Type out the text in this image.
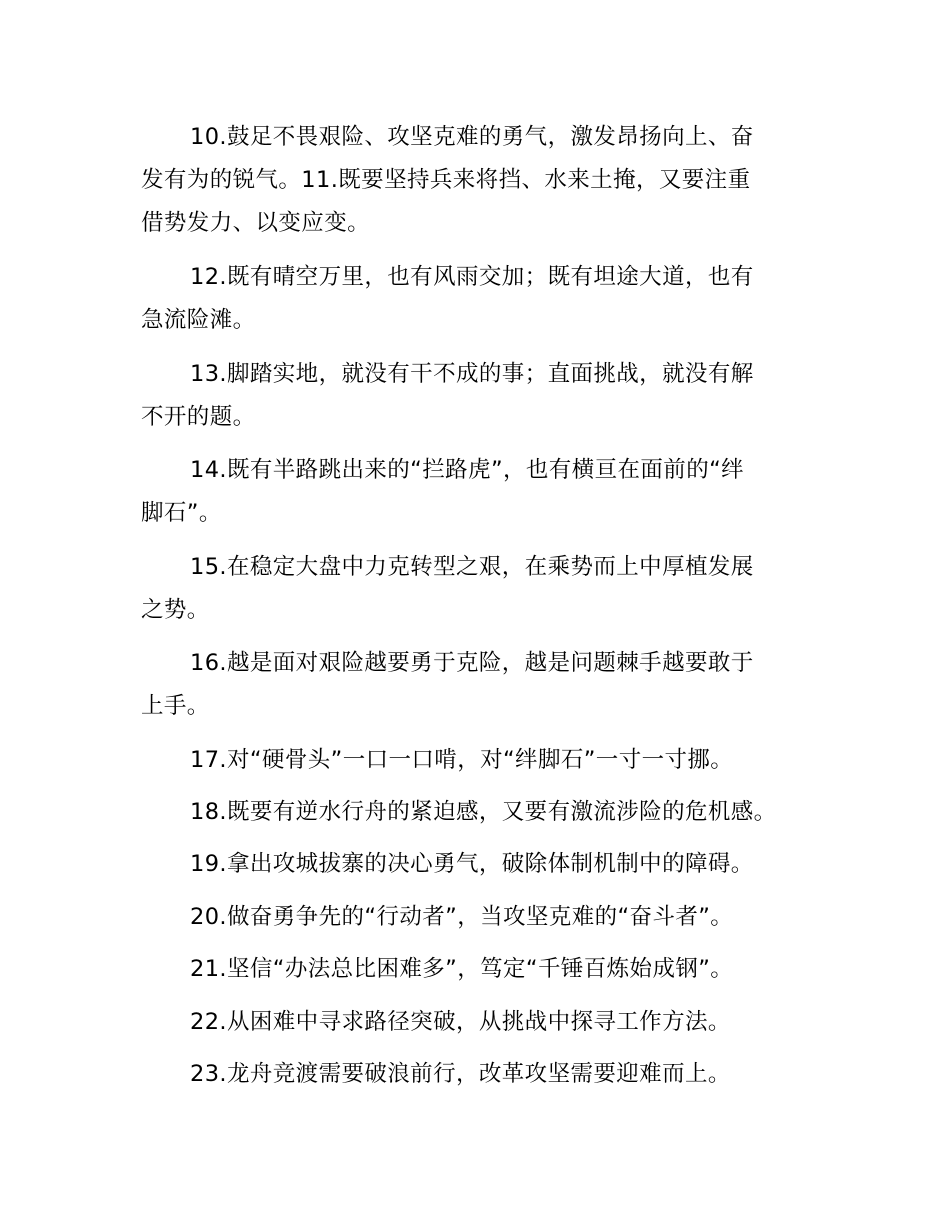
10.鼓足不畏艰险、攻坚克难的勇气，激发昂扬向上、奋
发有为的锐气。11.既要坚持兵来将挡、水来土掩，又要注重
借势发力、以变应变。
12.既有晴空万里，也有风雨交加；既有坦途大道，也有
急流险滩。
13.脚踏实地，就没有干不成的事；直面挑战，就没有解
不开的题。
14.既有半路跳出来的“拦路虎”，也有横亘在面前的“绊
脚石”。
15.在稳定大盘中力克转型之艰，在乘势而上中厚植发展
之势。
16.越是面对艰险越要勇于克险，越是问题棘手越要敢于
上手。
17.对“硬骨头”一口一口啃，对“绊脚石”一寸一寸挪。
18.既要有逆水行舟的紧迫感，又要有激流涉险的危机感。
19.拿出攻城拔寨的决心勇气，破除体制机制中的障碍。
20.做奋勇争先的“行动者”，当攻坚克难的“奋斗者”。
21.坚信“办法总比困难多”，笃定“千锤百炼始成钢”。
22.从困难中寻求路径突破，从挑战中探寻工作方法。
23.龙舟竞渡需要破浪前行，改革攻坚需要迎难而上。
